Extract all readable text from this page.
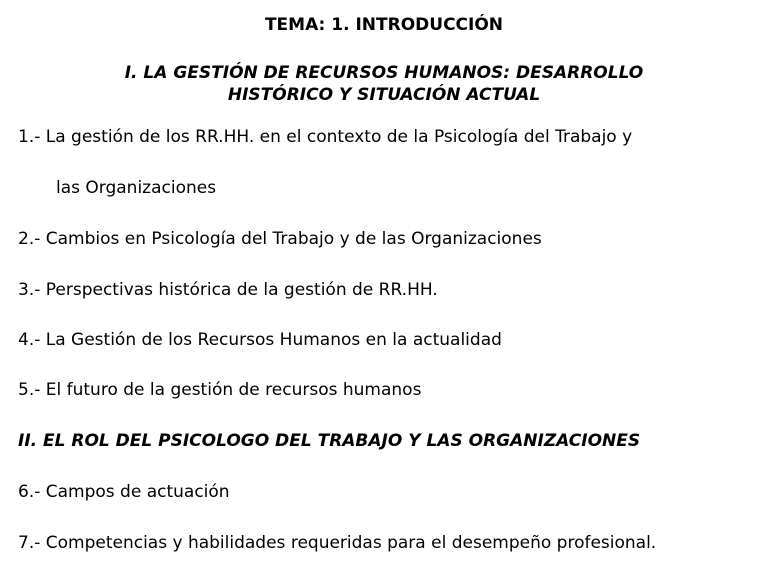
TEMA: 1. INTRODUCCIÓN
I. LA GESTIÓN DE RECURSOS HUMANOS: DESARROLLO
HISTÓRICO Y SITUACIÓN ACTUAL
1.- La gestión de los RR.HH. en el contexto de la Psicología del Trabajo y
las Organizaciones
2.- Cambios en Psicología del Trabajo y de las Organizaciones
3.- Perspectivas histórica de la gestión de RR.HH.
4.- La Gestión de los Recursos Humanos en la actualidad
5.- El futuro de la gestión de recursos humanos
II. EL ROL DEL PSICOLOGO DEL TRABAJO Y LAS ORGANIZACIONES
6.- Campos de actuación
7.- Competencias y habilidades requeridas para el desempeño profesional.
